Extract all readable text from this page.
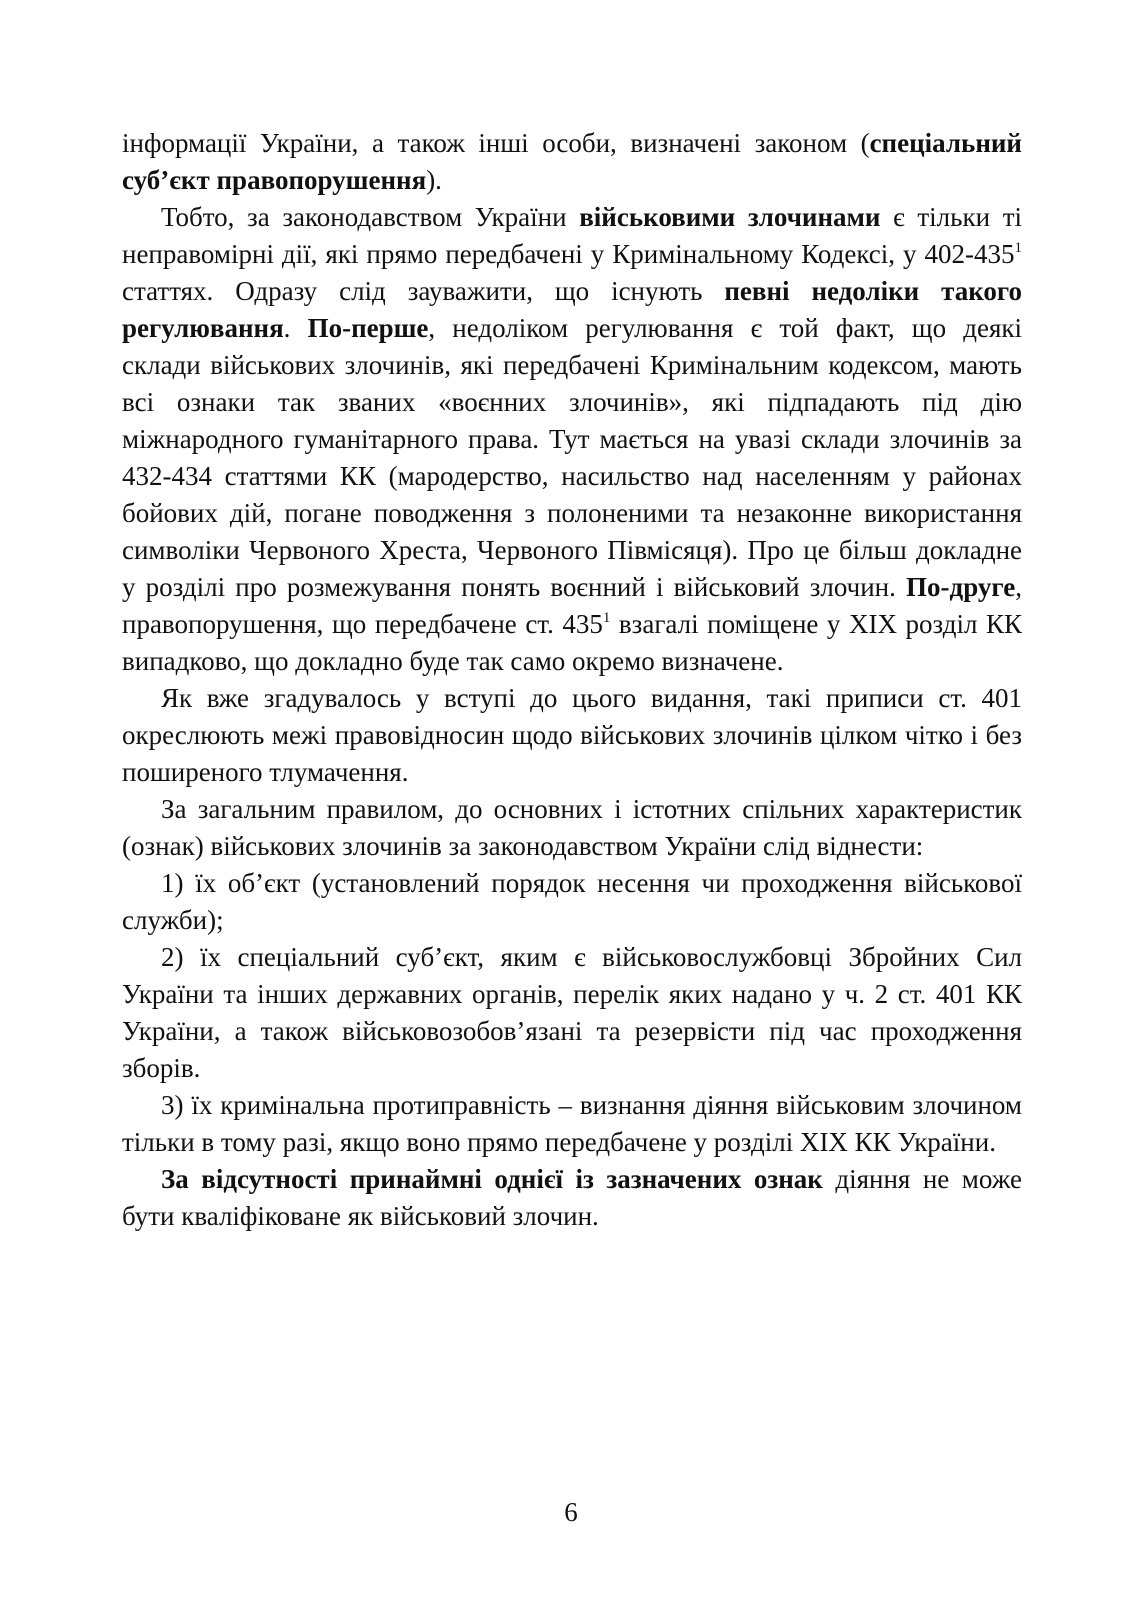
інформації України, а також інші особи, визначені законом (спеціальний суб’єкт правопорушення).

Тобто, за законодавством України військовими злочинами є тільки ті неправомірні дії, які прямо передбачені у Кримінальному Кодексі, у $402-435^1$ статтях. Одразу слід зауважити, що існують певні недоліки такого регулювання. По-перше, недоліком регулювання є той факт, що деякі склади військових злочинів, які передбачені Кримінальним кодексом, мають всі ознаки так званих «воєнних злочинів», які підпадають під дію міжнародного гуманітарного права. Тут мається на увазі склади злочинів за 432-434 статтями КК (мародерство, насильство над населенням у районах бойових дій, погане поводження з полоненими та незаконне використання символіки Червоного Хреста, Червоного Півмісяця). Про це більш докладне у розділі про розмежування понять воєнний і військовий злочин. По-друге, правопорушення, що передбачене ст. $435^1$ взагалі поміщене у XIX розділ КК випадково, що докладно буде так само окремо визначене.

Як вже згадувалось у вступі до цього видання, такі приписи ст. 401 окреслюють межі правовідносин щодо військових злочинів цілком чітко і без поширеного тлумачення.

За загальним правилом, до основних і істотних спільних характеристик (ознак) військових злочинів за законодавством України слід віднести:

1) їх об’єкт (установлений порядок несення чи проходження військової служби);

2) їх спеціальний суб’єкт, яким є військовослужбовці Збройних Сил України та інших державних органів, перелік яких надано у ч. 2 ст. 401 КК України, а також військовозобов’язані та резервісти під час проходження зборів.

3) їх кримінальна протиправність – визнання діяння військовим злочином тільки в тому разі, якщо воно прямо передбачене у розділі XIX КК України.

За відсутності принаймні однієї із зазначених ознак діяння не може бути кваліфіковане як військовий злочин.

6
